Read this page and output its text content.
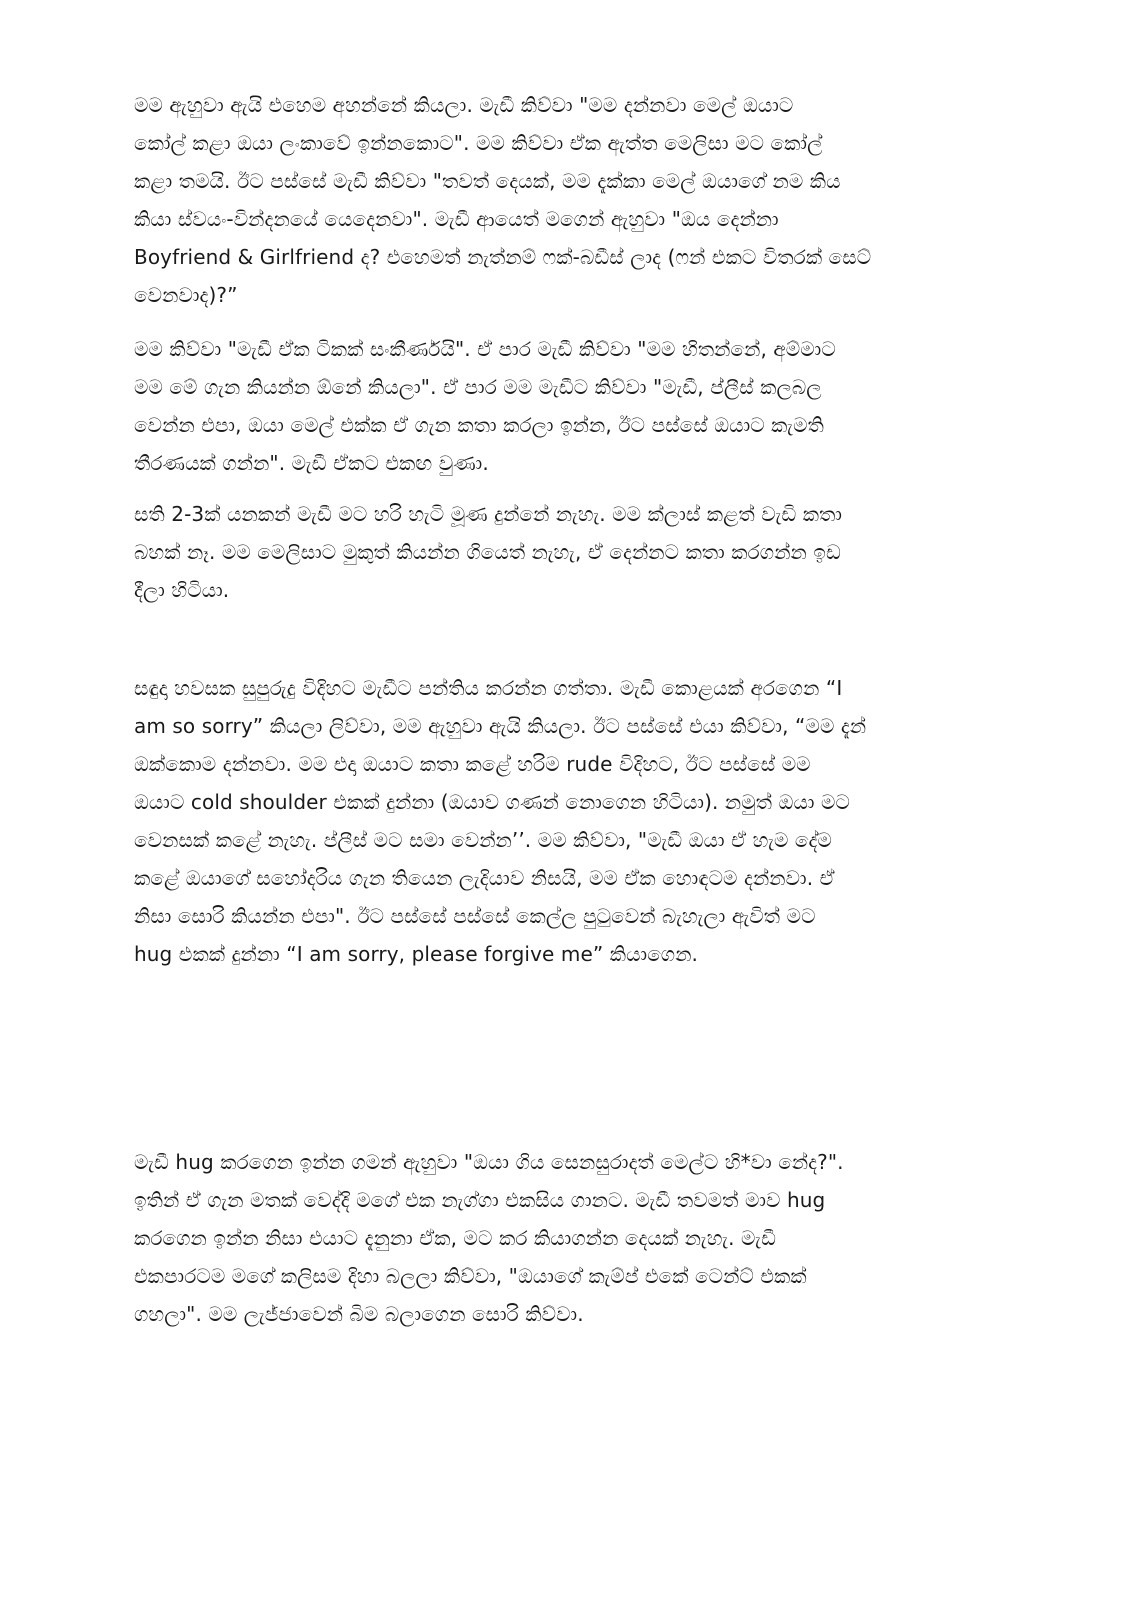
මම ඇහුවා ඇයි එහෙම අහන්නේ කියලා. මැඩී කිව්වා "මම දන්නවා මෙල් ඔයාට
කෝල් කළා ඔයා ලංකාවේ ඉන්නකොට". මම කිව්වා ඒක ඇත්ත මෙලිසා මට කෝල්
කළා තමයි. ඊට පස්සේ මැඩී කිව්වා "තවත් දෙයක්, මම දැක්කා මෙල් ඔයාගේ නම කිය
කියා ස්වයං-වින්දනයේ යෙදෙනවා". මැඩී ආයෙත් මගෙන් ඇහුවා "ඔය දෙන්නා
Boyfriend & Girlfriend ද? එහෙමත් නැත්නම් ෆක්-බඩීස් ලාද (ෆන් එකට විතරක් සෙට්
වෙනවාද)?”
මම කිව්වා "මැඩී ඒක ටිකක් සංකීර්ණයි". ඒ පාර මැඩී කිව්වා "මම හිතන්නේ, අම්මාට
මම මේ ගැන කියන්න ඕනේ කියලා". ඒ පාර මම මැඩීට කිව්වා "මැඩී, ප්ලීස් කලබල
වෙන්න එපා, ඔයා මෙල් එක්ක ඒ ගැන කතා කරලා ඉන්න, ඊට පස්සේ ඔයාට කැමති
තීරණයක් ගන්න". මැඩී ඒකට එකඟ වුණා.
සති 2-3ක් යනකන් මැඩී මට හරි හැටි මූණ දුන්නේ නැහැ. මම ක්ලාස් කළත් වැඩි කතා
බහක් නෑ. මම මෙලිසාට මුකුත් කියන්න ගියෙත් නැහැ, ඒ දෙන්නට කතා කරගන්න ඉඩ
දීලා හිටියා.
සඳුදා හවසක සුපුරුදු විදිහට මැඩීට පන්තිය කරන්න ගත්තා. මැඩී කොළයක් අරගෙන “I
am so sorry” කියලා ලිව්වා, මම ඇහුවා ඇයි කියලා. ඊට පස්සේ එයා කිව්වා, “මම දැන්
ඔක්කොම දන්නවා. මම එදා ඔයාට කතා කළේ හරිම rude විදිහට, ඊට පස්සේ මම
ඔයාට cold shoulder එකක් දුන්නා (ඔයාව ගණන් නොගෙන හිටියා). නමුත් ඔයා මට
වෙනසක් කළේ නැහැ. ප්ලීස් මට සමා වෙන්න’’. මම කිව්වා, "මැඩී ඔයා ඒ හැම දේම
කළේ ඔයාගේ සහෝදරිය ගැන තියෙන ලැදියාව නිසයි, මම ඒක හොඳටම දන්නවා. ඒ
නිසා සොරි කියන්න එපා". ඊට පස්සේ පස්සේ කෙල්ල පුටුවෙන් බැහැලා ඇවිත් මට
hug එකක් දුන්නා “I am sorry, please forgive me” කියාගෙන.
මැඩී hug කරගෙන ඉන්න ගමන් ඇහුවා "ඔයා ගිය සෙනසුරාදත් මෙල්ට හි*වා නේද?".
ඉතින් ඒ ගැන මතක් වෙද්දි මගේ එක නැග්ගා එකසිය ගානට. මැඩී තවමත් මාව hug
කරගෙන ඉන්න නිසා එයාට දැනුනා ඒක, මට කර කියාගන්න දෙයක් නැහැ. මැඩී
එකපාරටම මගේ කලිසම දිහා බලලා කිව්වා, "ඔයාගේ කැම්ප් එකේ ටෙන්ට් එකක්
ගහලා". මම ලැජ්ජාවෙන් බිම බලාගෙන සොරි කිව්වා.
